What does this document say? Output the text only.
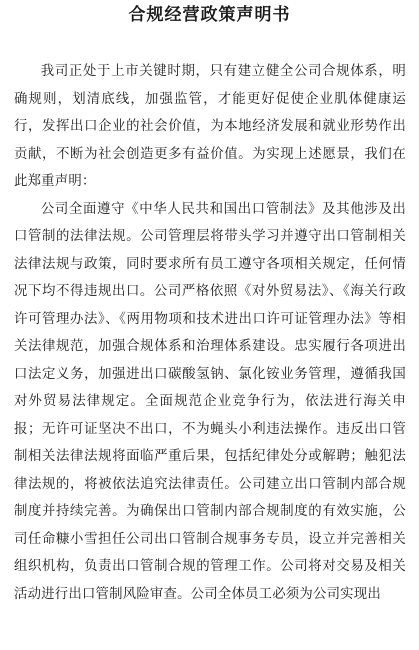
合规经营政策声明书

我司正处于上市关键时期，只有建立健全公司合规体系，明确规则，划清底线，加强监管，才能更好促使企业肌体健康运行，发挥出口企业的社会价值，为本地经济发展和就业形势作出贡献，不断为社会创造更多有益价值。为实现上述愿景，我们在此郑重声明：

公司全面遵守《中华人民共和国出口管制法》及其他涉及出口管制的法律法规。公司管理层将带头学习并遵守出口管制相关法律法规与政策，同时要求所有员工遵守各项相关规定，任何情况下均不得违规出口。公司严格依照《对外贸易法》、《海关行政许可管理办法》、《两用物项和技术进出口许可证管理办法》等相关法律规范，加强合规体系和治理体系建设。忠实履行各项进出口法定义务，加强进出口碳酸氢钠、氯化铵业务管理，遵循我国对外贸易法律规定。全面规范企业竞争行为，依法进行海关申报；无许可证坚决不出口，不为蝇头小利违法操作。违反出口管制相关法律法规将面临严重后果，包括纪律处分或解聘；触犯法律法规的，将被依法追究法律责任。公司建立出口管制内部合规制度并持续完善。为确保出口管制内部合规制度的有效实施，公司任命糠小雪担任公司出口管制合规事务专员，设立并完善相关组织机构，负责出口管制合规的管理工作。公司将对交易及相关活动进行出口管制风险审查。公司全体员工必须为公司实现出
